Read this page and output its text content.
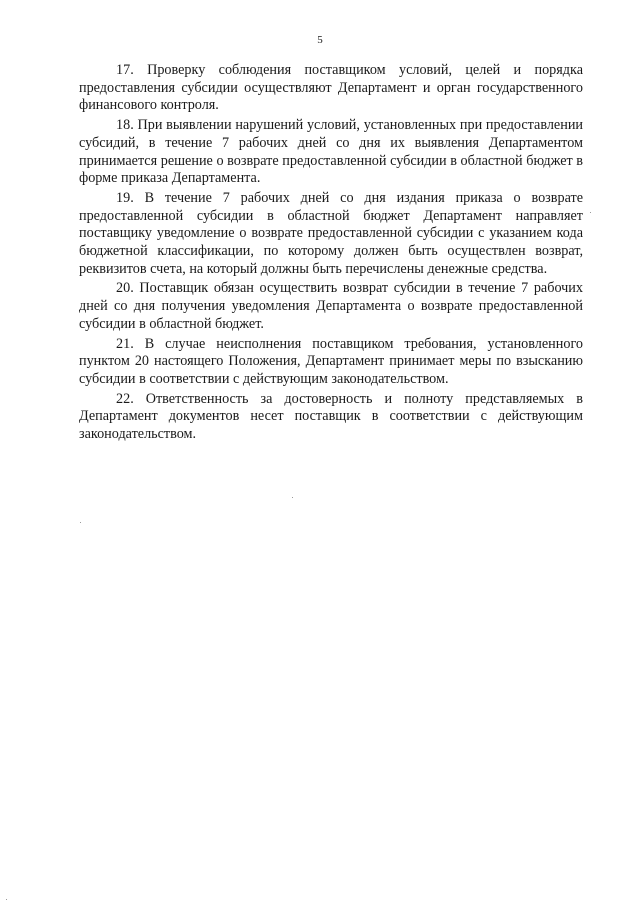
5

17. Проверку соблюдения поставщиком условий, целей и порядка предоставления субсидии осуществляют Департамент и орган государственного финансового контроля.

18. При выявлении нарушений условий, установленных при предоставлении субсидий, в течение 7 рабочих дней со дня их выявления Департаментом принимается решение о возврате предоставленной субсидии в областной бюджет в форме приказа Департамента.

19. В течение 7 рабочих дней со дня издания приказа о возврате предоставленной субсидии в областной бюджет Департамент направляет поставщику уведомление о возврате предоставленной субсидии с указанием кода бюджетной классификации, по которому должен быть осуществлен возврат, реквизитов счета, на который должны быть перечислены денежные средства.

20. Поставщик обязан осуществить возврат субсидии в течение 7 рабочих дней со дня получения уведомления Департамента о возврате предоставленной субсидии в областной бюджет.

21. В случае неисполнения поставщиком требования, установленного пунктом 20 настоящего Положения, Департамент принимает меры по взысканию субсидии в соответствии с действующим законодательством.

22. Ответственность за достоверность и полноту представляемых в Департамент документов несет поставщик в соответствии с действующим законодательством.
